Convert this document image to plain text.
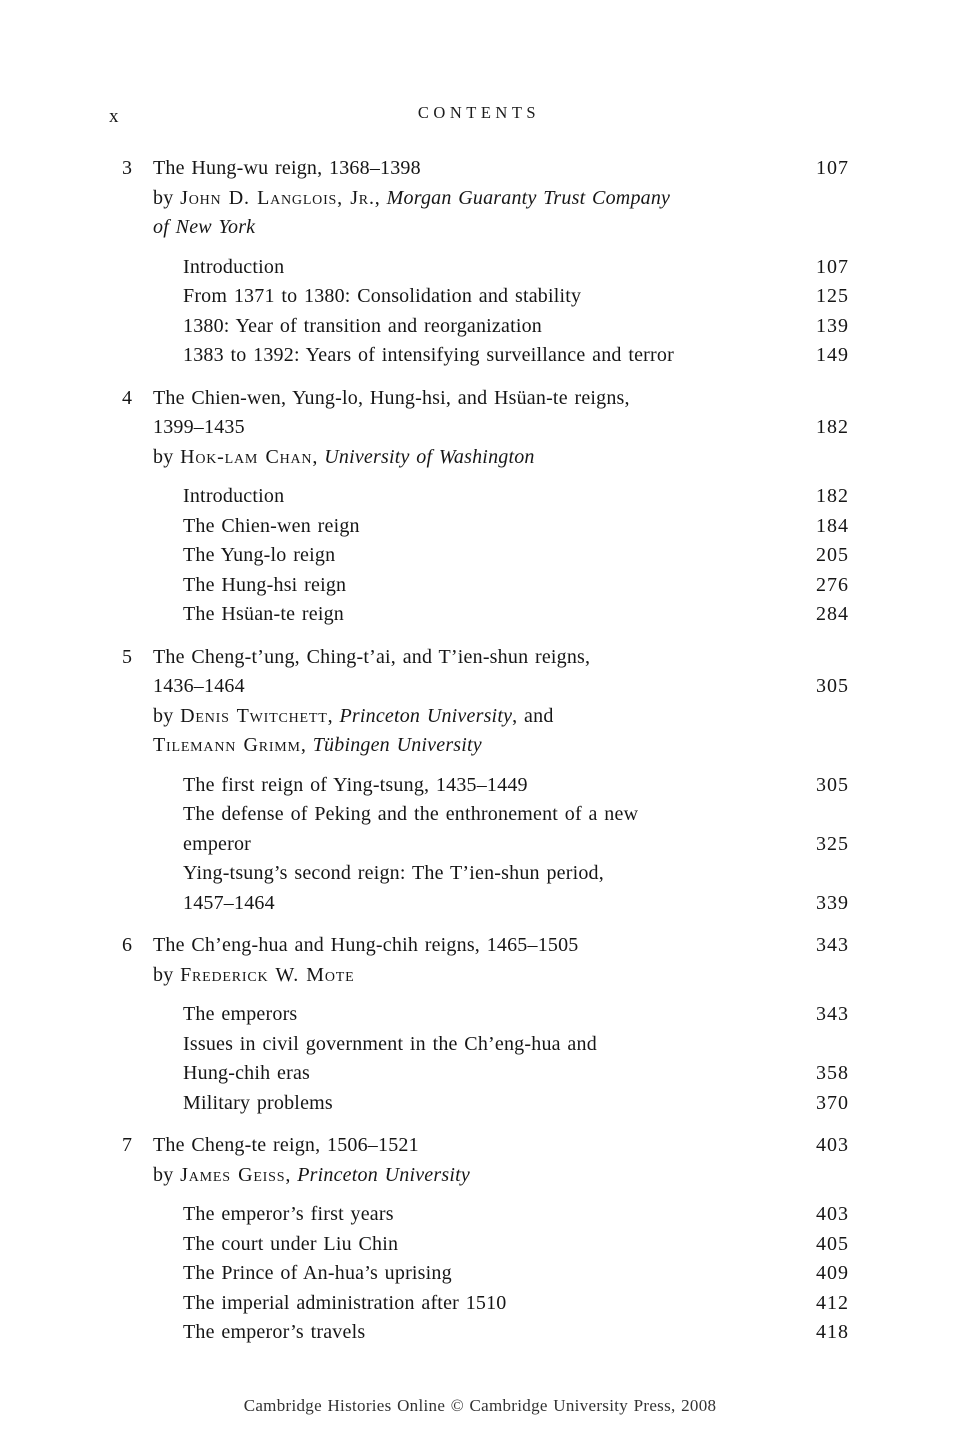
x	CONTENTS
3	The Hung-wu reign, 1368–1398	107
by John D. Langlois, Jr., Morgan Guaranty Trust Company
of New York
Introduction	107
From 1371 to 1380: Consolidation and stability	125
1380: Year of transition and reorganization	139
1383 to 1392: Years of intensifying surveillance and terror	149
4	The Chien-wen, Yung-lo, Hung-hsi, and Hsüan-te reigns,
1399–1435	182
by Hok-lam Chan, University of Washington
Introduction	182
The Chien-wen reign	184
The Yung-lo reign	205
The Hung-hsi reign	276
The Hsüan-te reign	284
5	The Cheng-t’ung, Ching-t’ai, and T’ien-shun reigns,
1436–1464	305
by Denis Twitchett, Princeton University, and
Tilemann Grimm, Tübingen University
The first reign of Ying-tsung, 1435–1449	305
The defense of Peking and the enthronement of a new
emperor	325
Ying-tsung’s second reign: The T’ien-shun period,
1457–1464	339
6	The Ch’eng-hua and Hung-chih reigns, 1465–1505	343
by Frederick W. Mote
The emperors	343
Issues in civil government in the Ch’eng-hua and
Hung-chih eras	358
Military problems	370
7	The Cheng-te reign, 1506–1521	403
by James Geiss, Princeton University
The emperor’s first years	403
The court under Liu Chin	405
The Prince of An-hua’s uprising	409
The imperial administration after 1510	412
The emperor’s travels	418
Cambridge Histories Online © Cambridge University Press, 2008
